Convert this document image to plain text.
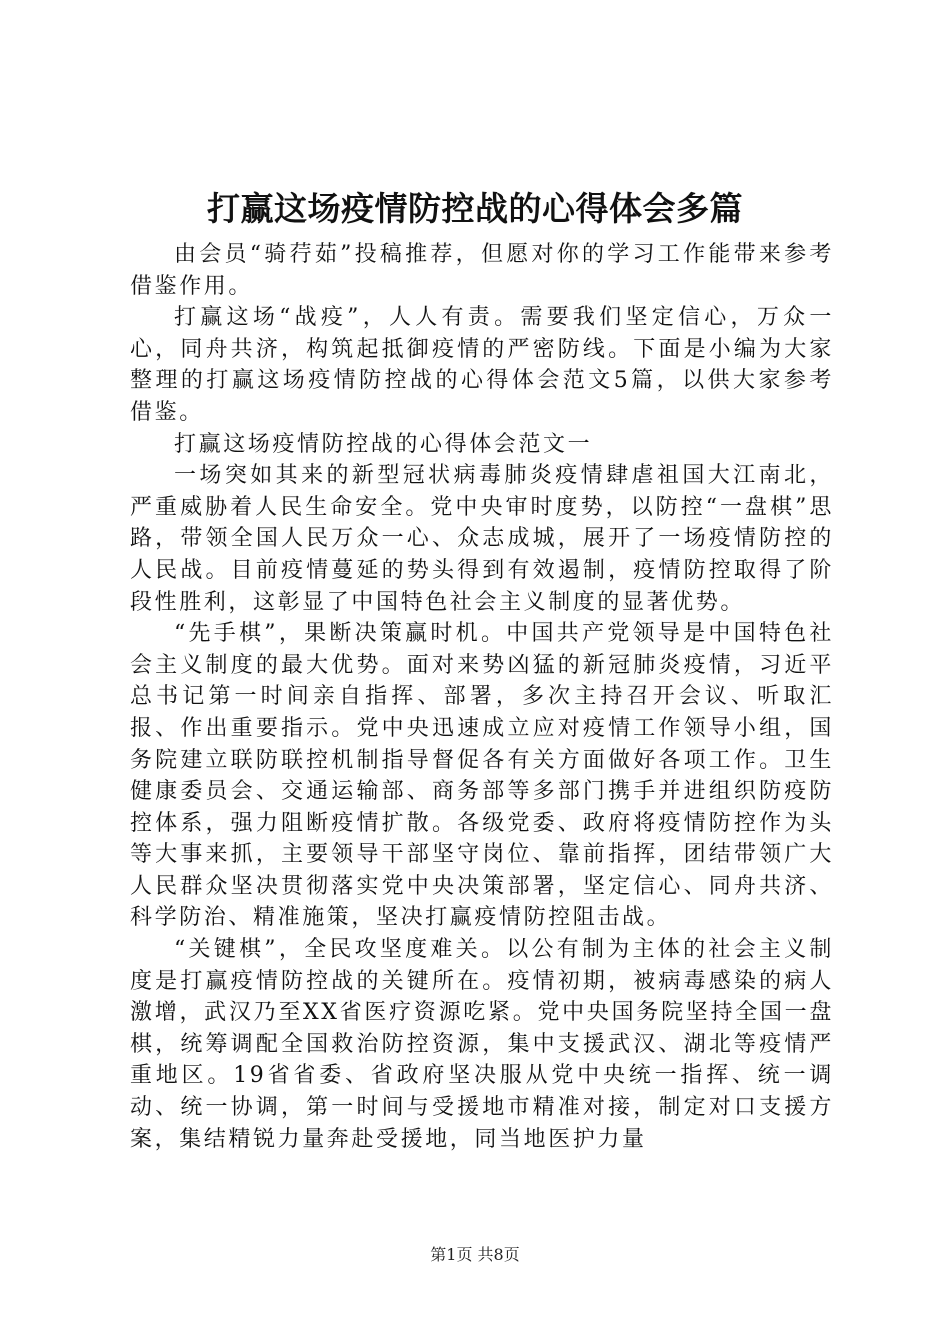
打赢这场疫情防控战的心得体会多篇

由会员“骑荇茹”投稿推荐，但愿对你的学习工作能带来参考借鉴作用。

打赢这场“战疫”，人人有责。需要我们坚定信心，万众一心，同舟共济，构筑起抵御疫情的严密防线。下面是小编为大家整理的打赢这场疫情防控战的心得体会范文5篇，以供大家参考借鉴。

打赢这场疫情防控战的心得体会范文一

一场突如其来的新型冠状病毒肺炎疫情肆虐祖国大江南北，严重威胁着人民生命安全。党中央审时度势，以防控“一盘棋”思路，带领全国人民万众一心、众志成城，展开了一场疫情防控的人民战。目前疫情蔓延的势头得到有效遏制，疫情防控取得了阶段性胜利，这彰显了中国特色社会主义制度的显著优势。

“先手棋”，果断决策赢时机。中国共产党领导是中国特色社会主义制度的最大优势。面对来势凶猛的新冠肺炎疫情，习近平总书记第一时间亲自指挥、部署，多次主持召开会议、听取汇报、作出重要指示。党中央迅速成立应对疫情工作领导小组，国务院建立联防联控机制指导督促各有关方面做好各项工作。卫生健康委员会、交通运输部、商务部等多部门携手并进组织防疫防控体系，强力阻断疫情扩散。各级党委、政府将疫情防控作为头等大事来抓，主要领导干部坚守岗位、靠前指挥，团结带领广大人民群众坚决贯彻落实党中央决策部署，坚定信心、同舟共济、科学防治、精准施策，坚决打赢疫情防控阻击战。

“关键棋”，全民攻坚度难关。以公有制为主体的社会主义制度是打赢疫情防控战的关键所在。疫情初期，被病毒感染的病人激增，武汉乃至XX省医疗资源吃紧。党中央国务院坚持全国一盘棋，统筹调配全国救治防控资源，集中支援武汉、湖北等疫情严重地区。19省省委、省政府坚决服从党中央统一指挥、统一调动、统一协调，第一时间与受援地市精准对接，制定对口支援方案，集结精锐力量奔赴受援地，同当地医护力量

第1页 共8页
